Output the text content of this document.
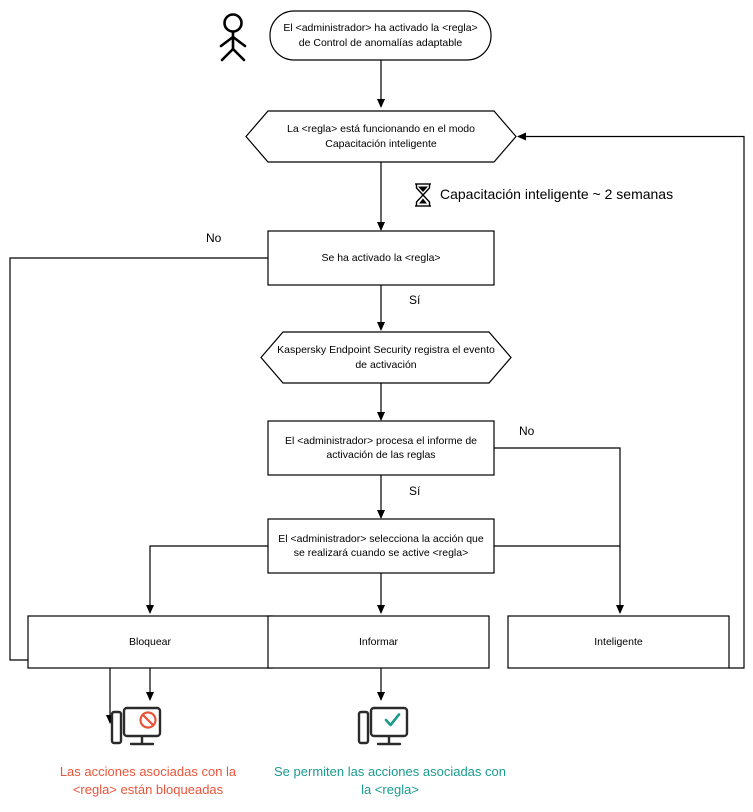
El <administrador> ha activado la <regla>
de Control de anomalías adaptable
La <regla> está funcionando en el modo
Capacitación inteligente
Capacitación inteligente ~ 2 semanas
Se ha activado la <regla>
No
Sí
Kaspersky Endpoint Security registra el evento
de activación
El <administrador> procesa el informe de
activación de las reglas
No
Sí
El <administrador> selecciona la acción que
se realizará cuando se active <regla>
Bloquear	Informar	Inteligente
Las acciones asociadas con la
<regla> están bloqueadas
Se permiten las acciones asociadas con
la <regla>
